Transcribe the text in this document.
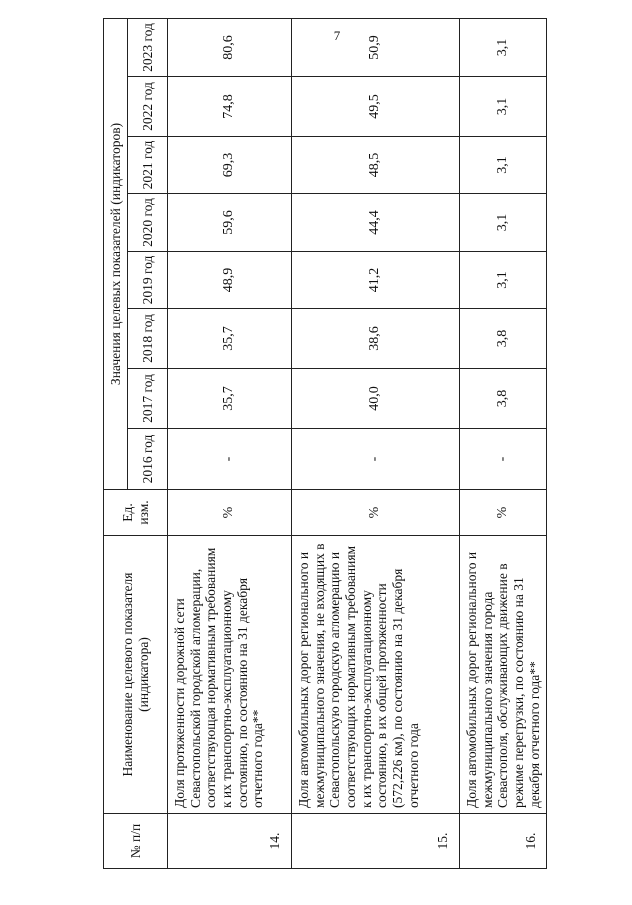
7
№ п/п	Наименование целевого показателя (индикатора)	Ед. изм.	Значения целевых показателей (индикаторов)							
			2016 год	2017 год	2018 год	2019 год	2020 год	2021 год	2022 год	2023 год
14.	Доля протяженности дорожной сети Севастопольской городской агломерации, соответствующая нормативным требованиям к их транспортно-эксплуатационному состоянию, по состоянию на 31 декабря отчетного года**	%	-	35,7	35,7	48,9	59,6	69,3	74,8	80,6
15.	Доля автомобильных дорог регионального и межмуниципального значения, не входящих в Севастопольскую городскую агломерацию и соответствующих нормативным требованиям к их транспортно-эксплуатационному состоянию, в их общей протяженности (572,226 км), по состоянию на 31 декабря отчетного года	%	-	40,0	38,6	41,2	44,4	48,5	49,5	50,9
16.	Доля автомобильных дорог регионального и межмуниципального значения города Севастополя, обслуживающих движение в режиме перегрузки, по состоянию на 31 декабря отчетного года**	%	-	3,8	3,8	3,1	3,1	3,1	3,1	3,1
